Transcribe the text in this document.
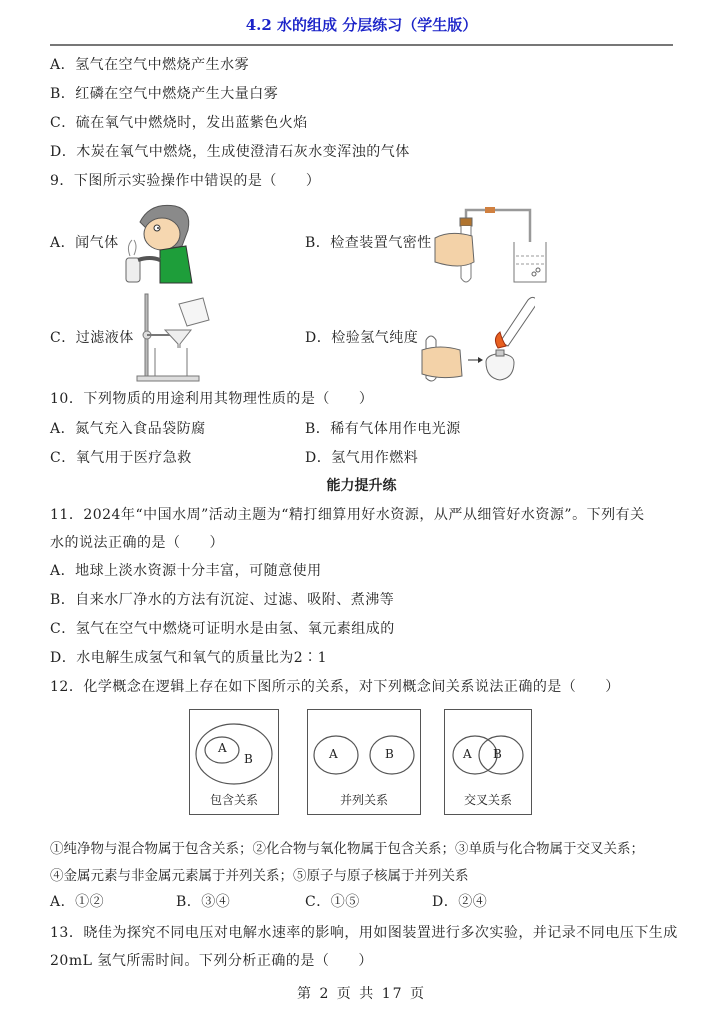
4.2 水的组成 分层练习（学生版）
A．氢气在空气中燃烧产生水雾
B．红磷在空气中燃烧产生大量白雾
C．硫在氧气中燃烧时，发出蓝紫色火焰
D．木炭在氧气中燃烧，生成使澄清石灰水变浑浊的气体
9．下图所示实验操作中错误的是（　　）
A．闻气体	B．检查装置气密性
C．过滤液体	D．检验氢气纯度
10．下列物质的用途利用其物理性质的是（　　）
A．氮气充入食品袋防腐	B．稀有气体用作电光源
C．氧气用于医疗急救	D．氢气用作燃料
能力提升练
11．2024年“中国水周”活动主题为“精打细算用好水资源，从严从细管好水资源”。下列有关
水的说法正确的是（　　）
A．地球上淡水资源十分丰富，可随意使用
B．自来水厂净水的方法有沉淀、过滤、吸附、煮沸等
C．氢气在空气中燃烧可证明水是由氢、氧元素组成的
D．水电解生成氢气和氧气的质量比为2∶1
12．化学概念在逻辑上存在如下图所示的关系，对下列概念间关系说法正确的是（　　）
A
B
包含关系
A	B
并列关系
A B
交叉关系
①纯净物与混合物属于包含关系；②化合物与氧化物属于包含关系；③单质与化合物属于交叉关系；
④金属元素与非金属元素属于并列关系；⑤原子与原子核属于并列关系
A．①②	B．③④	C．①⑤	D．②④
13．晓佳为探究不同电压对电解水速率的影响，用如图装置进行多次实验，并记录不同电压下生成
20mL 氢气所需时间。下列分析正确的是（　　）
第 2 页 共 17 页
